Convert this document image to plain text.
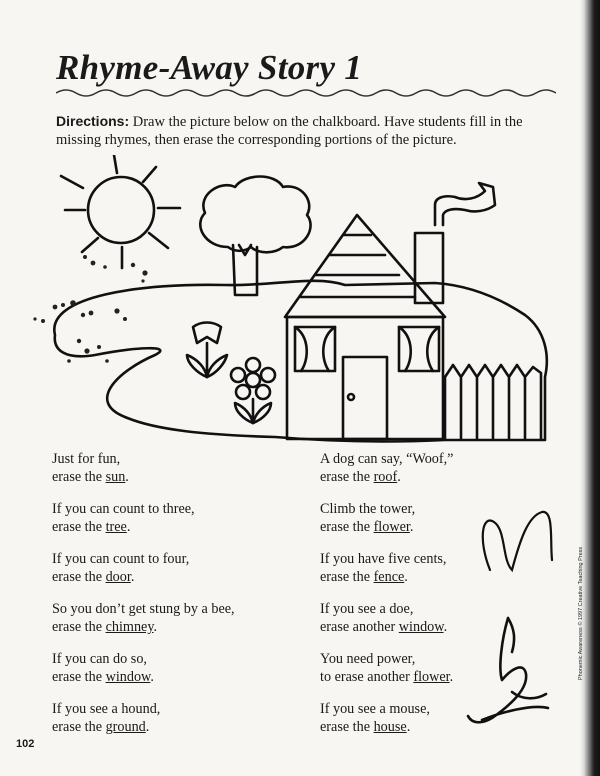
Rhyme-Away Story 1
Directions: Draw the picture below on the chalkboard. Have students fill in the missing rhymes, then erase the corresponding portions of the picture.

Just for fun,
erase the sun.

If you can count to three,
erase the tree.

If you can count to four,
erase the door.

So you don’t get stung by a bee,
erase the chimney.

If you can do so,
erase the window.

If you see a hound,
erase the ground.

A dog can say, “Woof,”
erase the roof.

Climb the tower,
erase the flower.

If you have five cents,
erase the fence.

If you see a doe,
erase another window.

You need power,
to erase another flower.

If you see a mouse,
erase the house.

102
Phonemic Awareness © 1997 Creative Teaching Press
